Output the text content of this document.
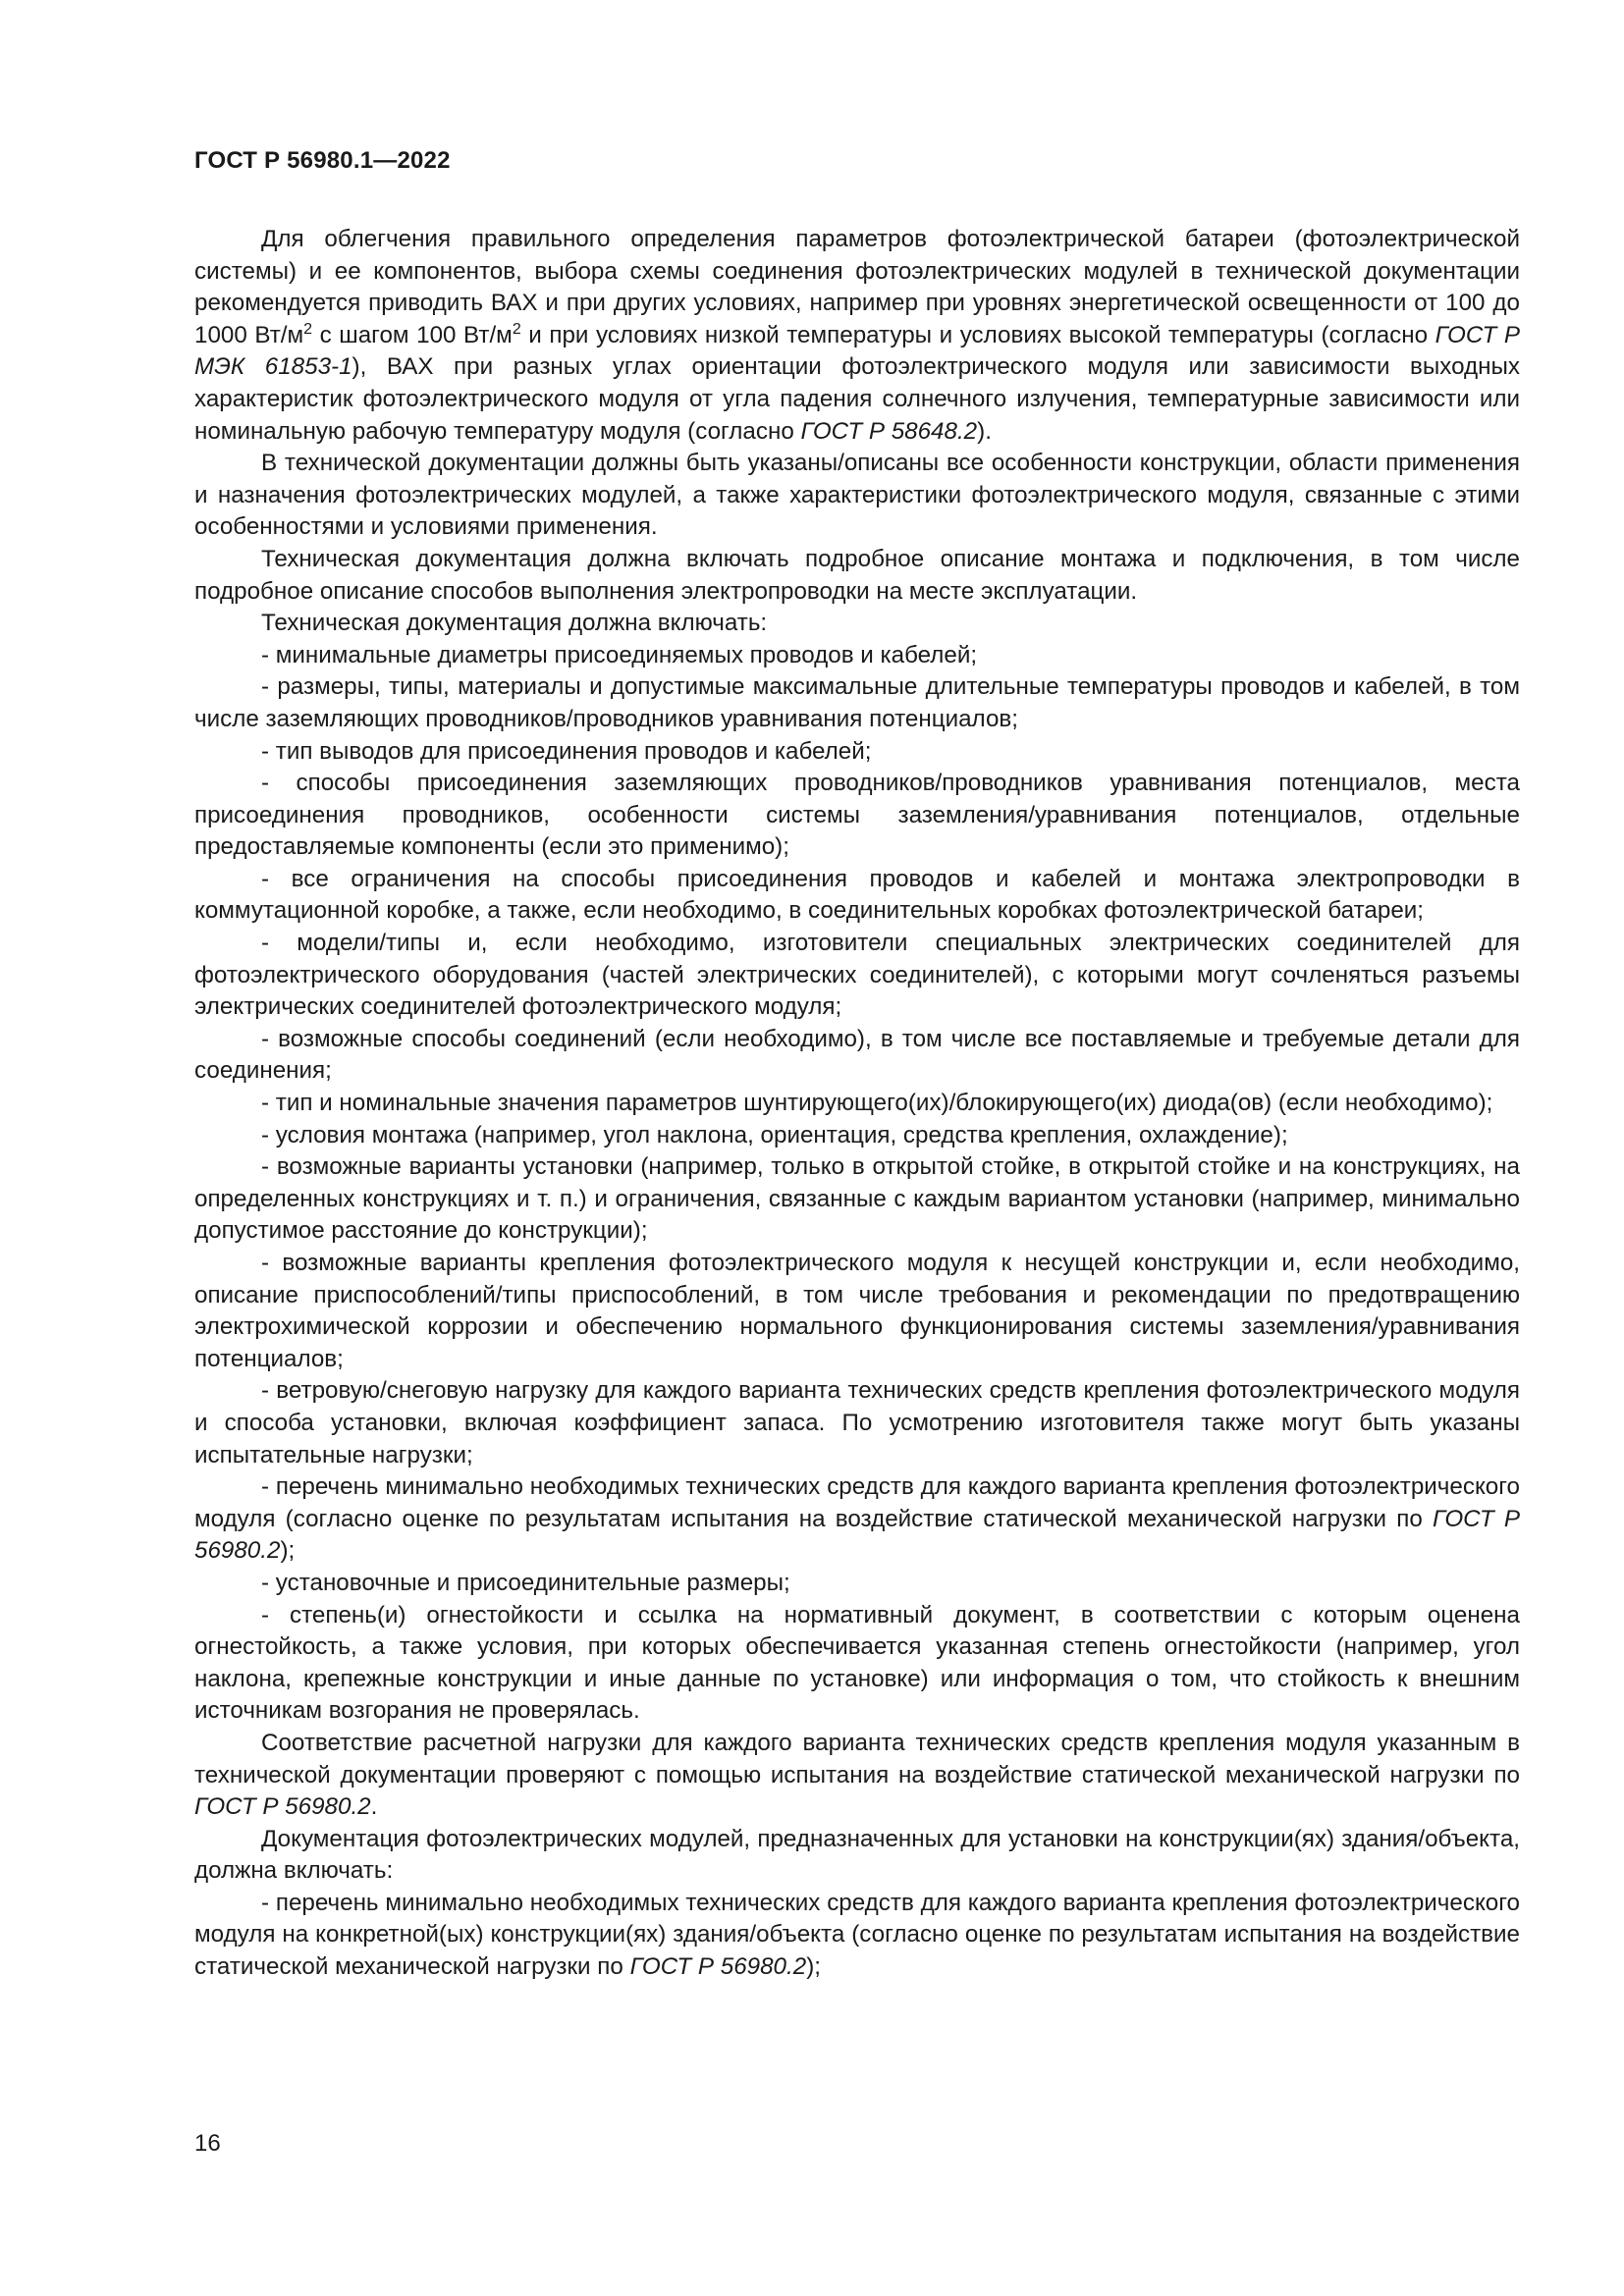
ГОСТ Р 56980.1—2022

Для облегчения правильного определения параметров фотоэлектрической батареи (фотоэлектрической системы) и ее компонентов, выбора схемы соединения фотоэлектрических модулей в технической документации рекомендуется приводить ВАХ и при других условиях, например при уровнях энергетической освещенности от 100 до 1000 $Вт/м^2$ с шагом 100 $Вт/м^2$ и при условиях низкой температуры и условиях высокой температуры (согласно ГОСТ Р МЭК 61853-1), ВАХ при разных углах ориентации фотоэлектрического модуля или зависимости выходных характеристик фотоэлектрического модуля от угла падения солнечного излучения, температурные зависимости или номинальную рабочую температуру модуля (согласно ГОСТ Р 58648.2).

В технической документации должны быть указаны/описаны все особенности конструкции, области применения и назначения фотоэлектрических модулей, а также характеристики фотоэлектрического модуля, связанные с этими особенностями и условиями применения.

Техническая документация должна включать подробное описание монтажа и подключения, в том числе подробное описание способов выполнения электропроводки на месте эксплуатации.

Техническая документация должна включать:

- минимальные диаметры присоединяемых проводов и кабелей;

- размеры, типы, материалы и допустимые максимальные длительные температуры проводов и кабелей, в том числе заземляющих проводников/проводников уравнивания потенциалов;

- тип выводов для присоединения проводов и кабелей;

- способы присоединения заземляющих проводников/проводников уравнивания потенциалов, места присоединения проводников, особенности системы заземления/уравнивания потенциалов, отдельные предоставляемые компоненты (если это применимо);

- все ограничения на способы присоединения проводов и кабелей и монтажа электропроводки в коммутационной коробке, а также, если необходимо, в соединительных коробках фотоэлектрической батареи;

- модели/типы и, если необходимо, изготовители специальных электрических соединителей для фотоэлектрического оборудования (частей электрических соединителей), с которыми могут сочленяться разъемы электрических соединителей фотоэлектрического модуля;

- возможные способы соединений (если необходимо), в том числе все поставляемые и требуемые детали для соединения;

- тип и номинальные значения параметров шунтирующего(их)/блокирующего(их) диода(ов) (если необходимо);

- условия монтажа (например, угол наклона, ориентация, средства крепления, охлаждение);

- возможные варианты установки (например, только в открытой стойке, в открытой стойке и на конструкциях, на определенных конструкциях и т. п.) и ограничения, связанные с каждым вариантом установки (например, минимально допустимое расстояние до конструкции);

- возможные варианты крепления фотоэлектрического модуля к несущей конструкции и, если необходимо, описание приспособлений/типы приспособлений, в том числе требования и рекомендации по предотвращению электрохимической коррозии и обеспечению нормального функционирования системы заземления/уравнивания потенциалов;

- ветровую/снеговую нагрузку для каждого варианта технических средств крепления фотоэлектрического модуля и способа установки, включая коэффициент запаса. По усмотрению изготовителя также могут быть указаны испытательные нагрузки;

- перечень минимально необходимых технических средств для каждого варианта крепления фотоэлектрического модуля (согласно оценке по результатам испытания на воздействие статической механической нагрузки по ГОСТ Р 56980.2);

- установочные и присоединительные размеры;

- степень(и) огнестойкости и ссылка на нормативный документ, в соответствии с которым оценена огнестойкость, а также условия, при которых обеспечивается указанная степень огнестойкости (например, угол наклона, крепежные конструкции и иные данные по установке) или информация о том, что стойкость к внешним источникам возгорания не проверялась.

Соответствие расчетной нагрузки для каждого варианта технических средств крепления модуля указанным в технической документации проверяют с помощью испытания на воздействие статической механической нагрузки по ГОСТ Р 56980.2.

Документация фотоэлектрических модулей, предназначенных для установки на конструкции(ях) здания/объекта, должна включать:

- перечень минимально необходимых технических средств для каждого варианта крепления фотоэлектрического модуля на конкретной(ых) конструкции(ях) здания/объекта (согласно оценке по результатам испытания на воздействие статической механической нагрузки по ГОСТ Р 56980.2);

16
